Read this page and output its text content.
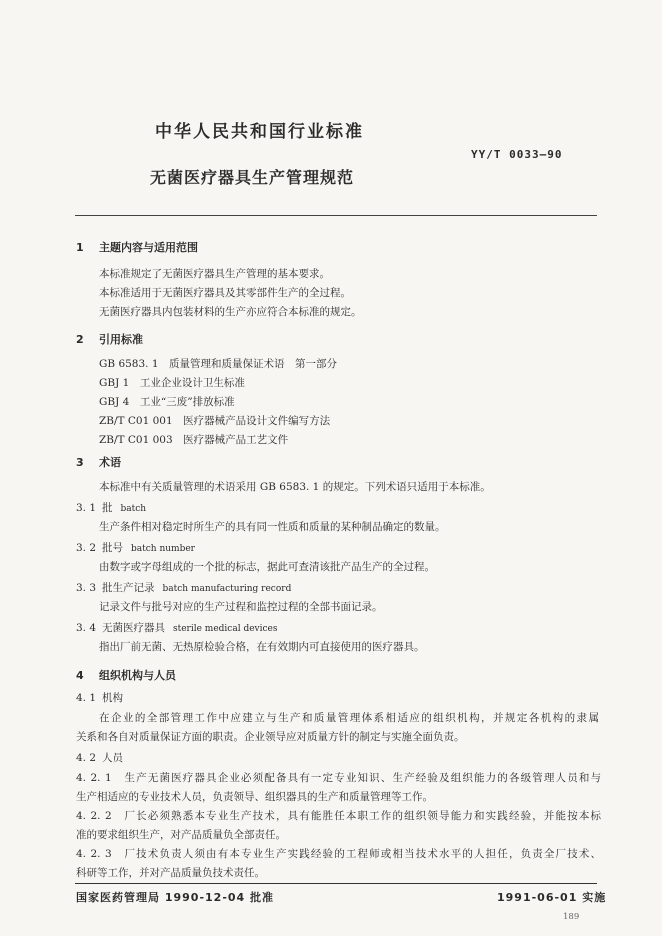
中华人民共和国行业标准
YY/T 0033—90
无菌医疗器具生产管理规范
1 主题内容与适用范围
本标准规定了无菌医疗器具生产管理的基本要求。
本标准适用于无菌医疗器具及其零部件生产的全过程。
无菌医疗器具内包装材料的生产亦应符合本标准的规定。
2 引用标准
GB 6583. 1　质量管理和质量保证术语　第一部分
GBJ 1　工业企业设计卫生标准
GBJ 4　工业“三废”排放标准
ZB/T C01 001　医疗器械产品设计文件编写方法
ZB/T C01 003　医疗器械产品工艺文件
3 术语
本标准中有关质量管理的术语采用 GB 6583. 1 的规定。下列术语只适用于本标准。
3. 1 批 batch
生产条件相对稳定时所生产的具有同一性质和质量的某种制品确定的数量。
3. 2 批号 batch number
由数字或字母组成的一个批的标志，据此可查清该批产品生产的全过程。
3. 3 批生产记录 batch manufacturing record
记录文件与批号对应的生产过程和监控过程的全部书面记录。
3. 4 无菌医疗器具 sterile medical devices
指出厂前无菌、无热原检验合格，在有效期内可直接使用的医疗器具。
4 组织机构与人员
4. 1 机构
在企业的全部管理工作中应建立与生产和质量管理体系相适应的组织机构，并规定各机构的隶属
关系和各自对质量保证方面的职责。企业领导应对质量方针的制定与实施全面负责。
4. 2 人员
4. 2. 1　生产无菌医疗器具企业必须配备具有一定专业知识、生产经验及组织能力的各级管理人员和与
生产相适应的专业技术人员，负责领导、组织器具的生产和质量管理等工作。
4. 2. 2　厂长必须熟悉本专业生产技术，具有能胜任本职工作的组织领导能力和实践经验，并能按本标
准的要求组织生产，对产品质量负全部责任。
4. 2. 3　厂技术负责人须由有本专业生产实践经验的工程师或相当技术水平的人担任，负责全厂技术、
科研等工作，并对产品质量负技术责任。
国家医药管理局 1990-12-04 批准	1991-06-01 实施
189
